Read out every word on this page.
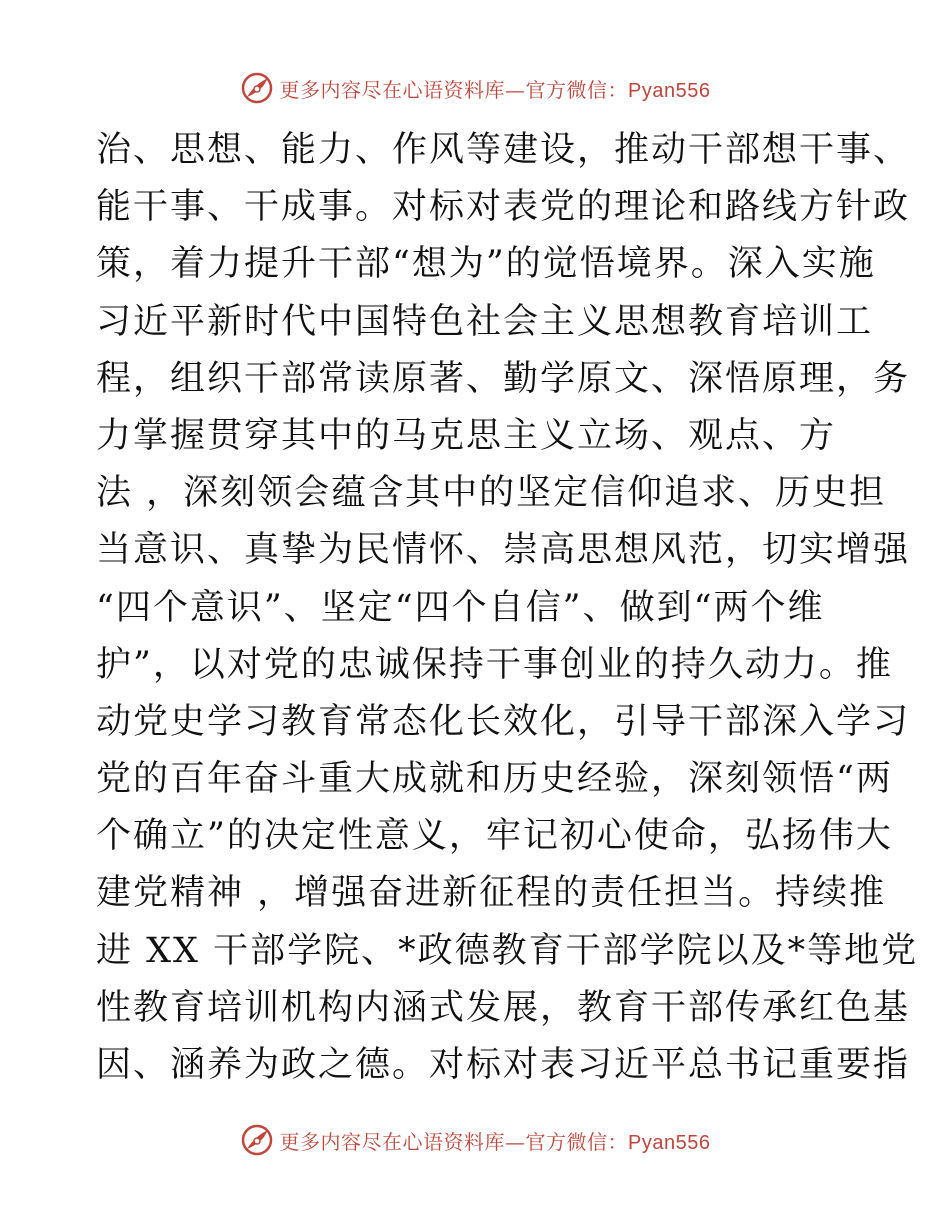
更多内容尽在心语资料库—官方微信：Pyan556
治、思想、能力、作风等建设，推动干部想干事、
能干事、干成事。对标对表党的理论和路线方针政
策，着力提升干部“想为”的觉悟境界。深入实施
习近平新时代中国特色社会主义思想教育培训工
程，组织干部常读原著、勤学原文、深悟原理，务
力掌握贯穿其中的马克思主义立场、观点、方
法 ，深刻领会蕴含其中的坚定信仰追求、历史担
当意识、真挚为民情怀、崇高思想风范，切实增强
“四个意识”、坚定“四个自信”、做到“两个维
护”，以对党的忠诚保持干事创业的持久动力。推
动党史学习教育常态化长效化，引导干部深入学习
党的百年奋斗重大成就和历史经验，深刻领悟“两
个确立”的决定性意义，牢记初心使命，弘扬伟大
建党精神 ，增强奋进新征程的责任担当。持续推
进 XX 干部学院、*政德教育干部学院以及*等地党
性教育培训机构内涵式发展，教育干部传承红色基
因、涵养为政之德。对标对表习近平总书记重要指
更多内容尽在心语资料库—官方微信：Pyan556
